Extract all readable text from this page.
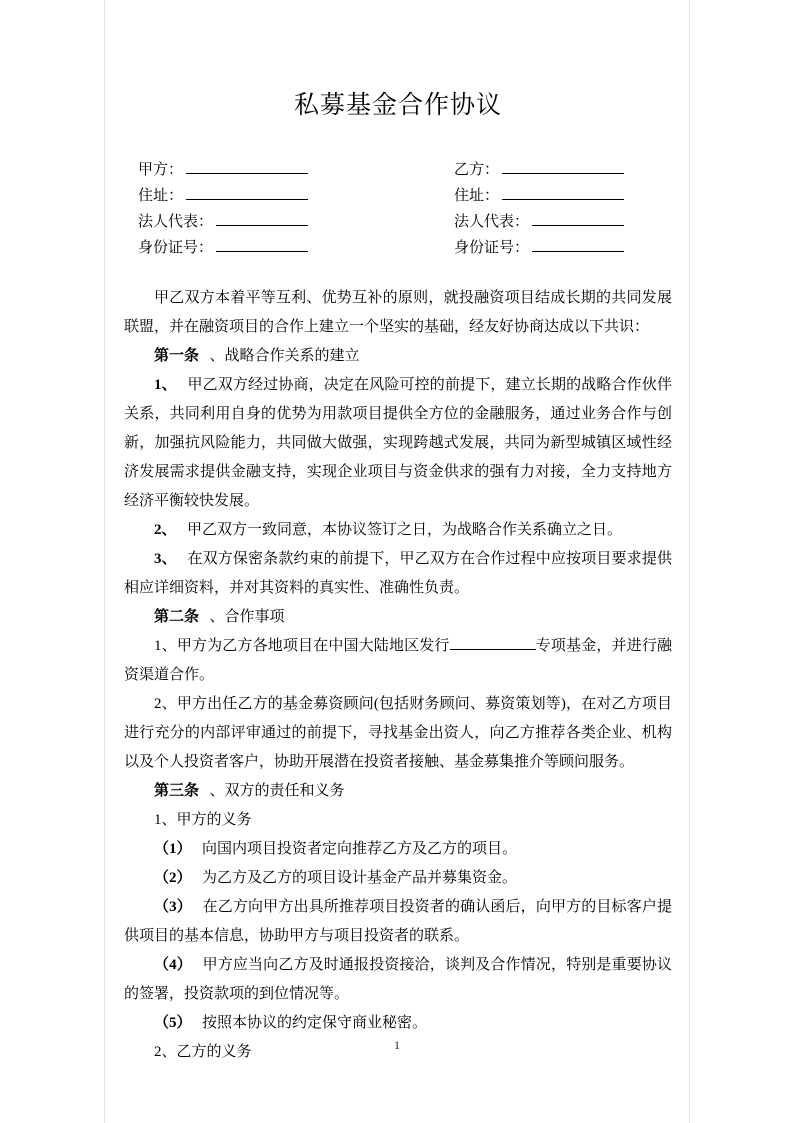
私募基金合作协议
甲方：
住址：
法人代表：
身份证号：
乙方：
住址：
法人代表：
身份证号：

甲乙双方本着平等互利、优势互补的原则，就投融资项目结成长期的共同发展联盟，并在融资项目的合作上建立一个坚实的基础，经友好协商达成以下共识：

第一条 、战略合作关系的建立

1、 甲乙双方经过协商，决定在风险可控的前提下，建立长期的战略合作伙伴关系，共同利用自身的优势为用款项目提供全方位的金融服务，通过业务合作与创新，加强抗风险能力，共同做大做强，实现跨越式发展，共同为新型城镇区域性经济发展需求提供金融支持，实现企业项目与资金供求的强有力对接，全力支持地方经济平衡较快发展。

2、 甲乙双方一致同意，本协议签订之日，为战略合作关系确立之日。

3、 在双方保密条款约束的前提下，甲乙双方在合作过程中应按项目要求提供相应详细资料，并对其资料的真实性、准确性负责。

第二条 、合作事项

1、甲方为乙方各地项目在中国大陆地区发行	专项基金，并进行融资渠道合作。

2、甲方出任乙方的基金募资顾问(包括财务顾问、募资策划等)，在对乙方项目进行充分的内部评审通过的前提下，寻找基金出资人，向乙方推荐各类企业、机构以及个人投资者客户，协助开展潜在投资者接触、基金募集推介等顾问服务。

第三条 、双方的责任和义务

1、甲方的义务

（1） 向国内项目投资者定向推荐乙方及乙方的项目。

（2） 为乙方及乙方的项目设计基金产品并募集资金。

（3） 在乙方向甲方出具所推荐项目投资者的确认函后，向甲方的目标客户提供项目的基本信息，协助甲方与项目投资者的联系。

（4） 甲方应当向乙方及时通报投资接洽，谈判及合作情况，特别是重要协议的签署，投资款项的到位情况等。

（5） 按照本协议的约定保守商业秘密。

2、乙方的义务	1
